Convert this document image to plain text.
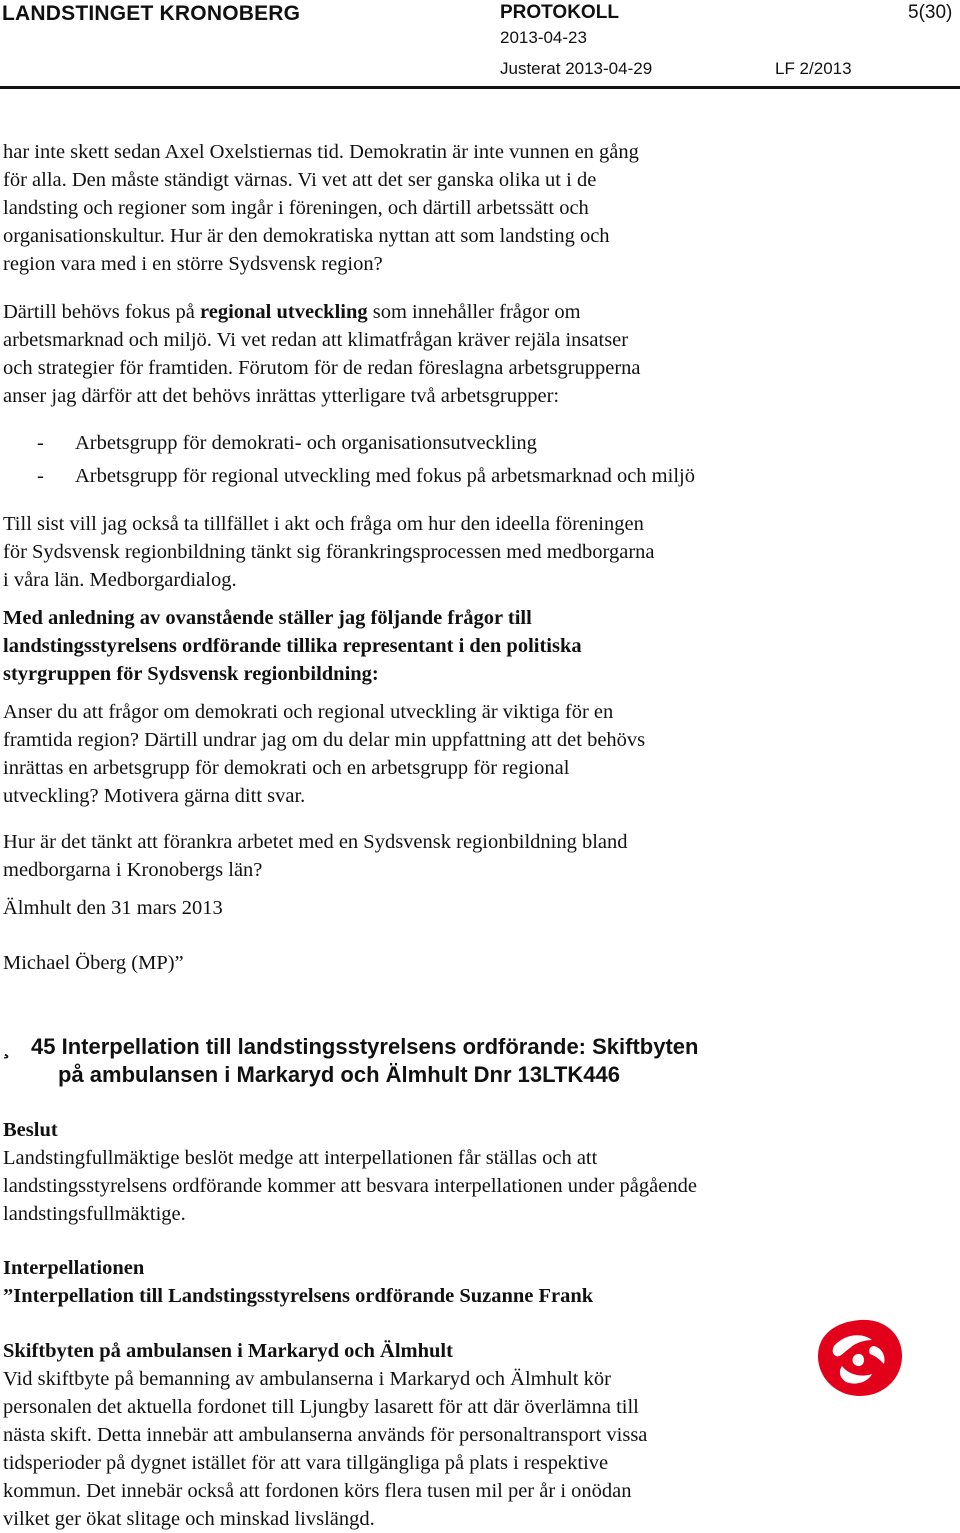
LANDSTINGET KRONOBERG	PROTOKOLL	5(30)
2013-04-23
Justerat 2013-04-29	LF 2/2013
har inte skett sedan Axel Oxelstiernas tid. Demokratin är inte vunnen en gång
för alla. Den måste ständigt värnas. Vi vet att det ser ganska olika ut i de
landsting och regioner som ingår i föreningen, och därtill arbetssätt och
organisationskultur. Hur är den demokratiska nyttan att som landsting och
region vara med i en större Sydsvensk region?
Därtill behövs fokus på regional utveckling som innehåller frågor om
arbetsmarknad och miljö. Vi vet redan att klimatfrågan kräver rejäla insatser
och strategier för framtiden. Förutom för de redan föreslagna arbetsgrupperna
anser jag därför att det behövs inrättas ytterligare två arbetsgrupper:
- Arbetsgrupp för demokrati- och organisationsutveckling
- Arbetsgrupp för regional utveckling med fokus på arbetsmarknad och miljö
Till sist vill jag också ta tillfället i akt och fråga om hur den ideella föreningen
för Sydsvensk regionbildning tänkt sig förankringsprocessen med medborgarna
i våra län. Medborgardialog.
Med anledning av ovanstående ställer jag följande frågor till
landstingsstyrelsens ordförande tillika representant i den politiska
styrgruppen för Sydsvensk regionbildning:
Anser du att frågor om demokrati och regional utveckling är viktiga för en
framtida region? Därtill undrar jag om du delar min uppfattning att det behövs
inrättas en arbetsgrupp för demokrati och en arbetsgrupp för regional
utveckling? Motivera gärna ditt svar.
Hur är det tänkt att förankra arbetet med en Sydsvensk regionbildning bland
medborgarna i Kronobergs län?
Älmhult den 31 mars 2013
Michael Öberg (MP)”
¸ 45 Interpellation till landstingsstyrelsens ordförande: Skiftbyten
på ambulansen i Markaryd och Älmhult Dnr 13LTK446
Beslut
Landstingfullmäktige beslöt medge att interpellationen får ställas och att
landstingsstyrelsens ordförande kommer att besvara interpellationen under pågående
landstingsfullmäktige.
Interpellationen
”Interpellation till Landstingsstyrelsens ordförande Suzanne Frank
Skiftbyten på ambulansen i Markaryd och Älmhult
Vid skiftbyte på bemanning av ambulanserna i Markaryd och Älmhult kör
personalen det aktuella fordonet till Ljungby lasarett för att där överlämna till
nästa skift. Detta innebär att ambulanserna används för personaltransport vissa
tidsperioder på dygnet istället för att vara tillgängliga på plats i respektive
kommun. Det innebär också att fordonen körs flera tusen mil per år i onödan
vilket ger ökat slitage och minskad livslängd.
